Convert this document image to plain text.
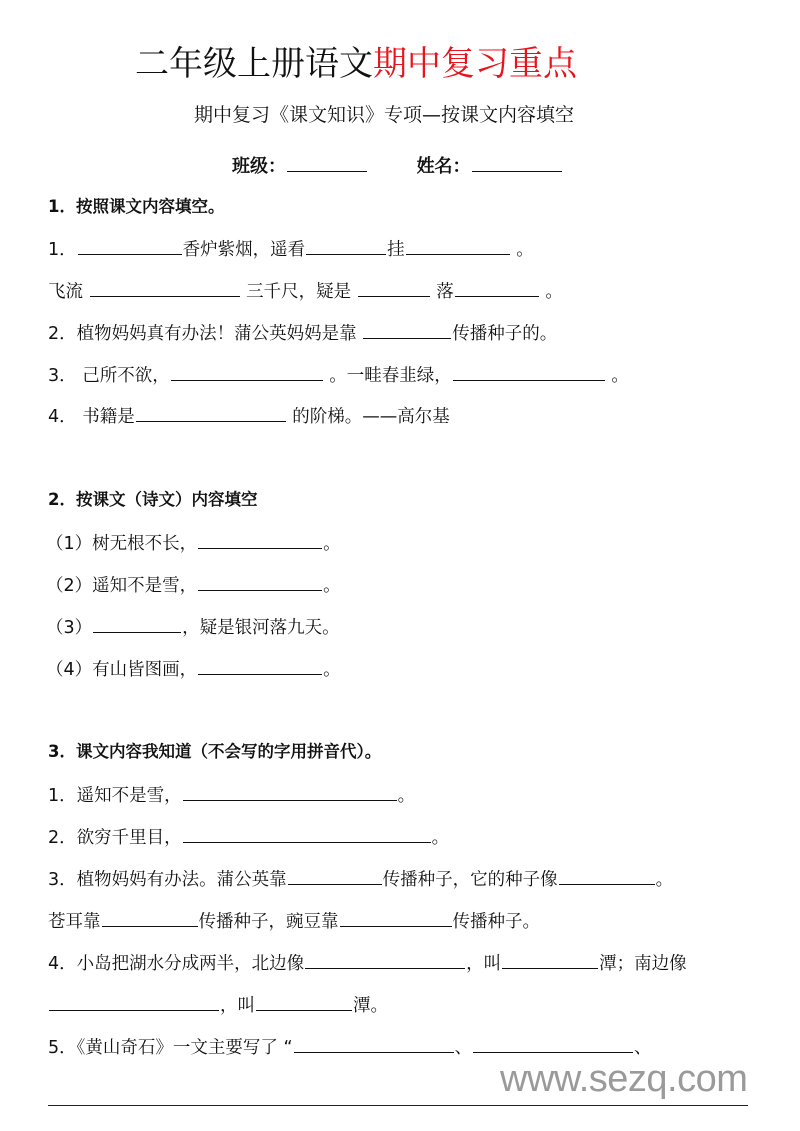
二年级上册语文期中复习重点
期中复习《课文知识》专项—按课文内容填空
班级：	姓名：
1．按照课文内容填空。
1．	香炉紫烟，遥看	挂	。
飞流	三千尺，疑是	落	。
2．植物妈妈真有办法！蒲公英妈妈是靠	传播种子的。
3． 己所不欲，	。一畦春韭绿，	。
4． 书籍是	的阶梯。——高尔基
2．按课文（诗文）内容填空
（1）树无根不长，	。
（2）遥知不是雪，	。
（3）	，疑是银河落九天。
（4）有山皆图画，	。
3．课文内容我知道（不会写的字用拼音代）。
1．遥知不是雪，	。
2．欲穷千里目，	。
3．植物妈妈有办法。蒲公英靠	传播种子，它的种子像	。
苍耳靠	传播种子，豌豆靠	传播种子。
4．小岛把湖水分成两半，北边像	，叫	潭；南边像
，叫	潭。
5．《黄山奇石》一文主要写了 “	、	、
www.sezq.com
